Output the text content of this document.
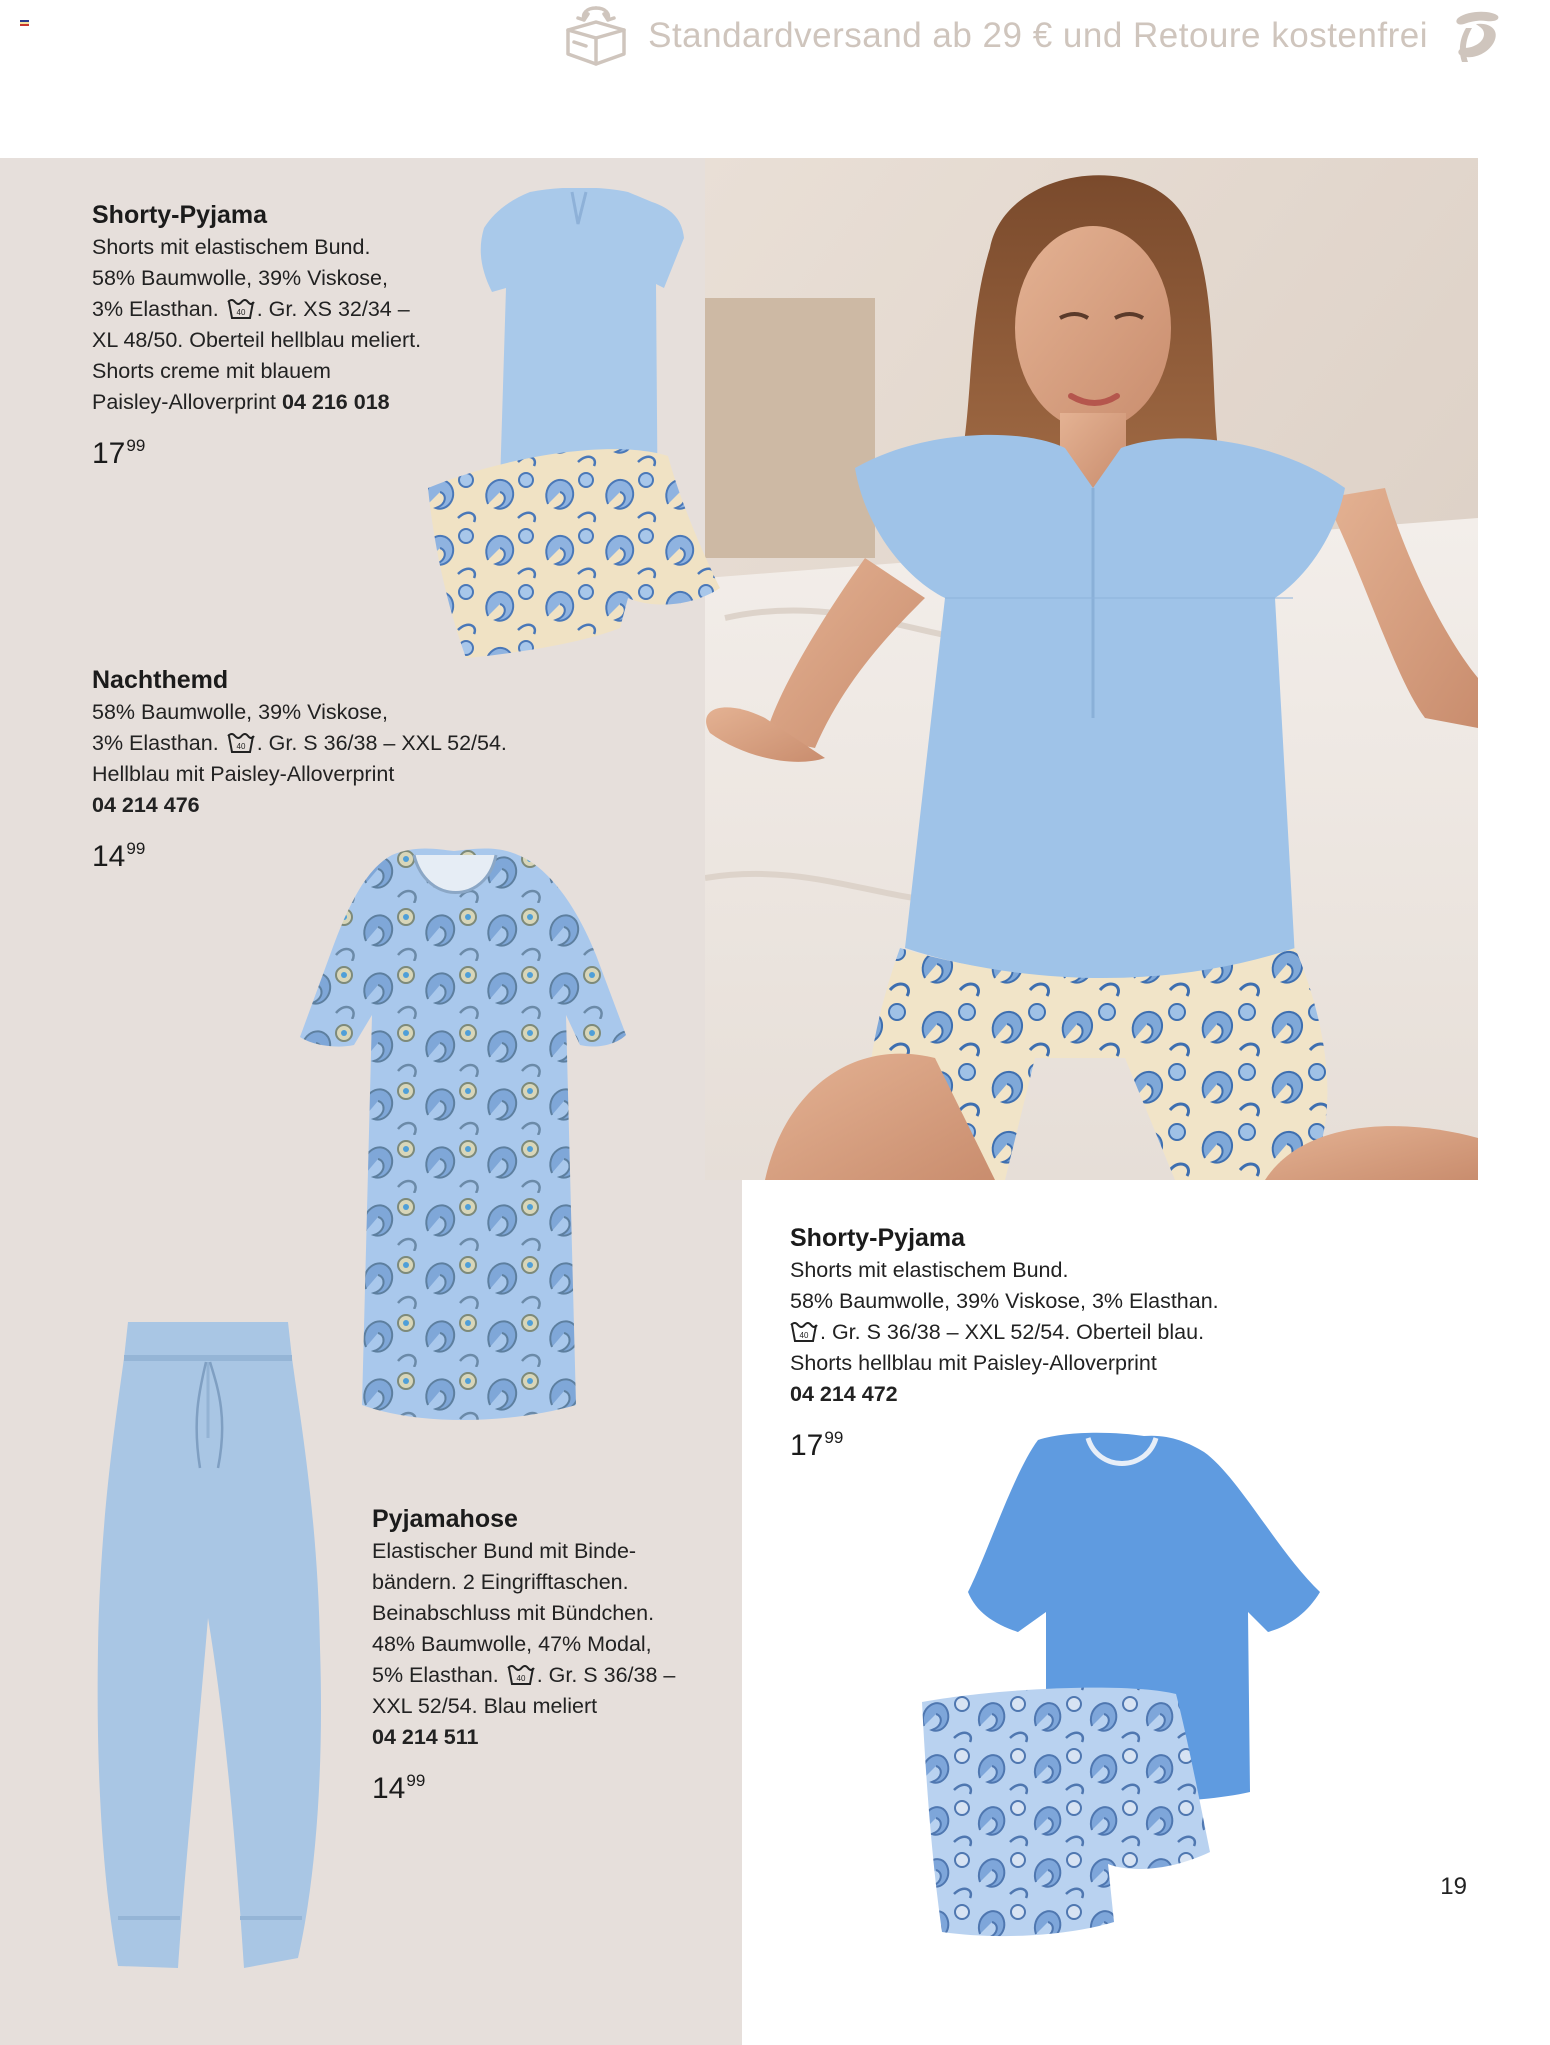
Standardversand ab 29 € und Retoure kostenfrei
Shorty-Pyjama
Shorts mit elastischem Bund.
58% Baumwolle, 39% Viskose,
3% Elasthan. 40 . Gr. XS 32/34 –
XL 48/50. Oberteil hellblau meliert.
Shorts creme mit blauem
Paisley-Alloverprint 04 216 018
$17^{99}$
Nachthemd
58% Baumwolle, 39% Viskose,
3% Elasthan. 40 . Gr. S 36/38 – XXL 52/54.
Hellblau mit Paisley-Alloverprint
04 214 476
$14^{99}$
Pyjamahose
Elastischer Bund mit Binde-
bändern. 2 Eingrifftaschen.
Beinabschluss mit Bündchen.
48% Baumwolle, 47% Modal,
5% Elasthan. 40 . Gr. S 36/38 –
XXL 52/54. Blau meliert
04 214 511
$14^{99}$
Shorty-Pyjama
Shorts mit elastischem Bund.
58% Baumwolle, 39% Viskose, 3% Elasthan.
40 . Gr. S 36/38 – XXL 52/54. Oberteil blau.
Shorts hellblau mit Paisley-Alloverprint
04 214 472
$17^{99}$
19
